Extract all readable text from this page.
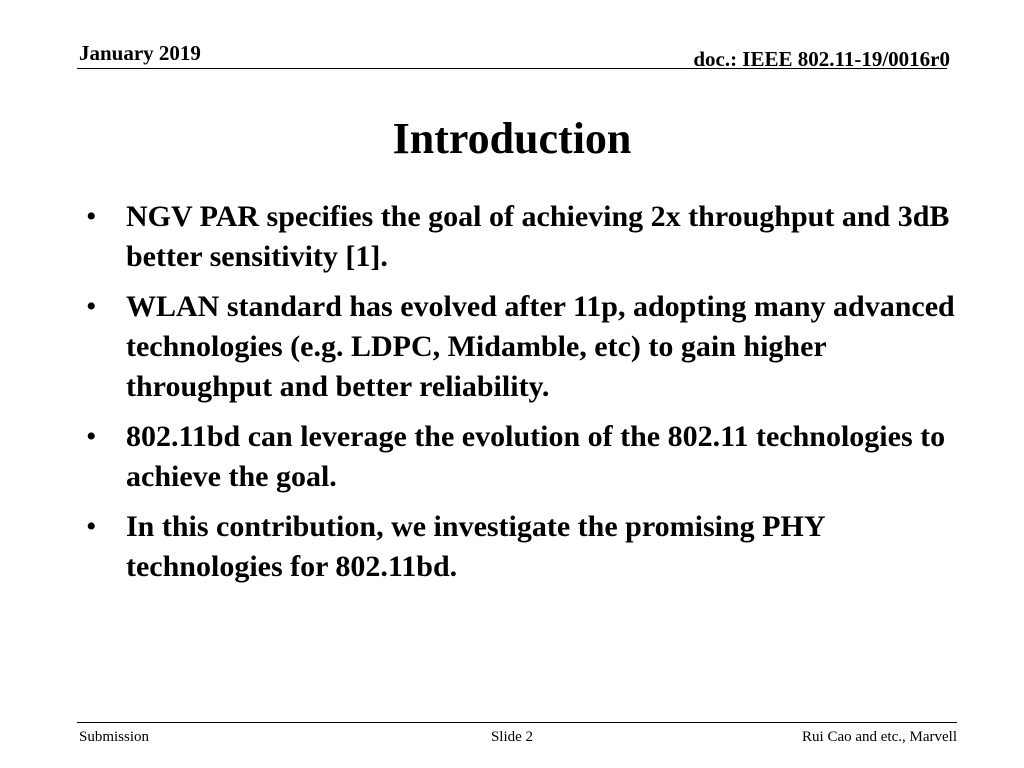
January 2019	doc.: IEEE 802.11-19/0016r0
Introduction
• NGV PAR specifies the goal of achieving 2x throughput and 3dB better sensitivity [1].
• WLAN standard has evolved after 11p, adopting many advanced technologies (e.g. LDPC, Midamble, etc) to gain higher throughput and better reliability.
• 802.11bd can leverage the evolution of the 802.11 technologies to achieve the goal.
• In this contribution, we investigate the promising PHY technologies for 802.11bd.
Submission	Slide 2	Rui Cao and etc., Marvell
